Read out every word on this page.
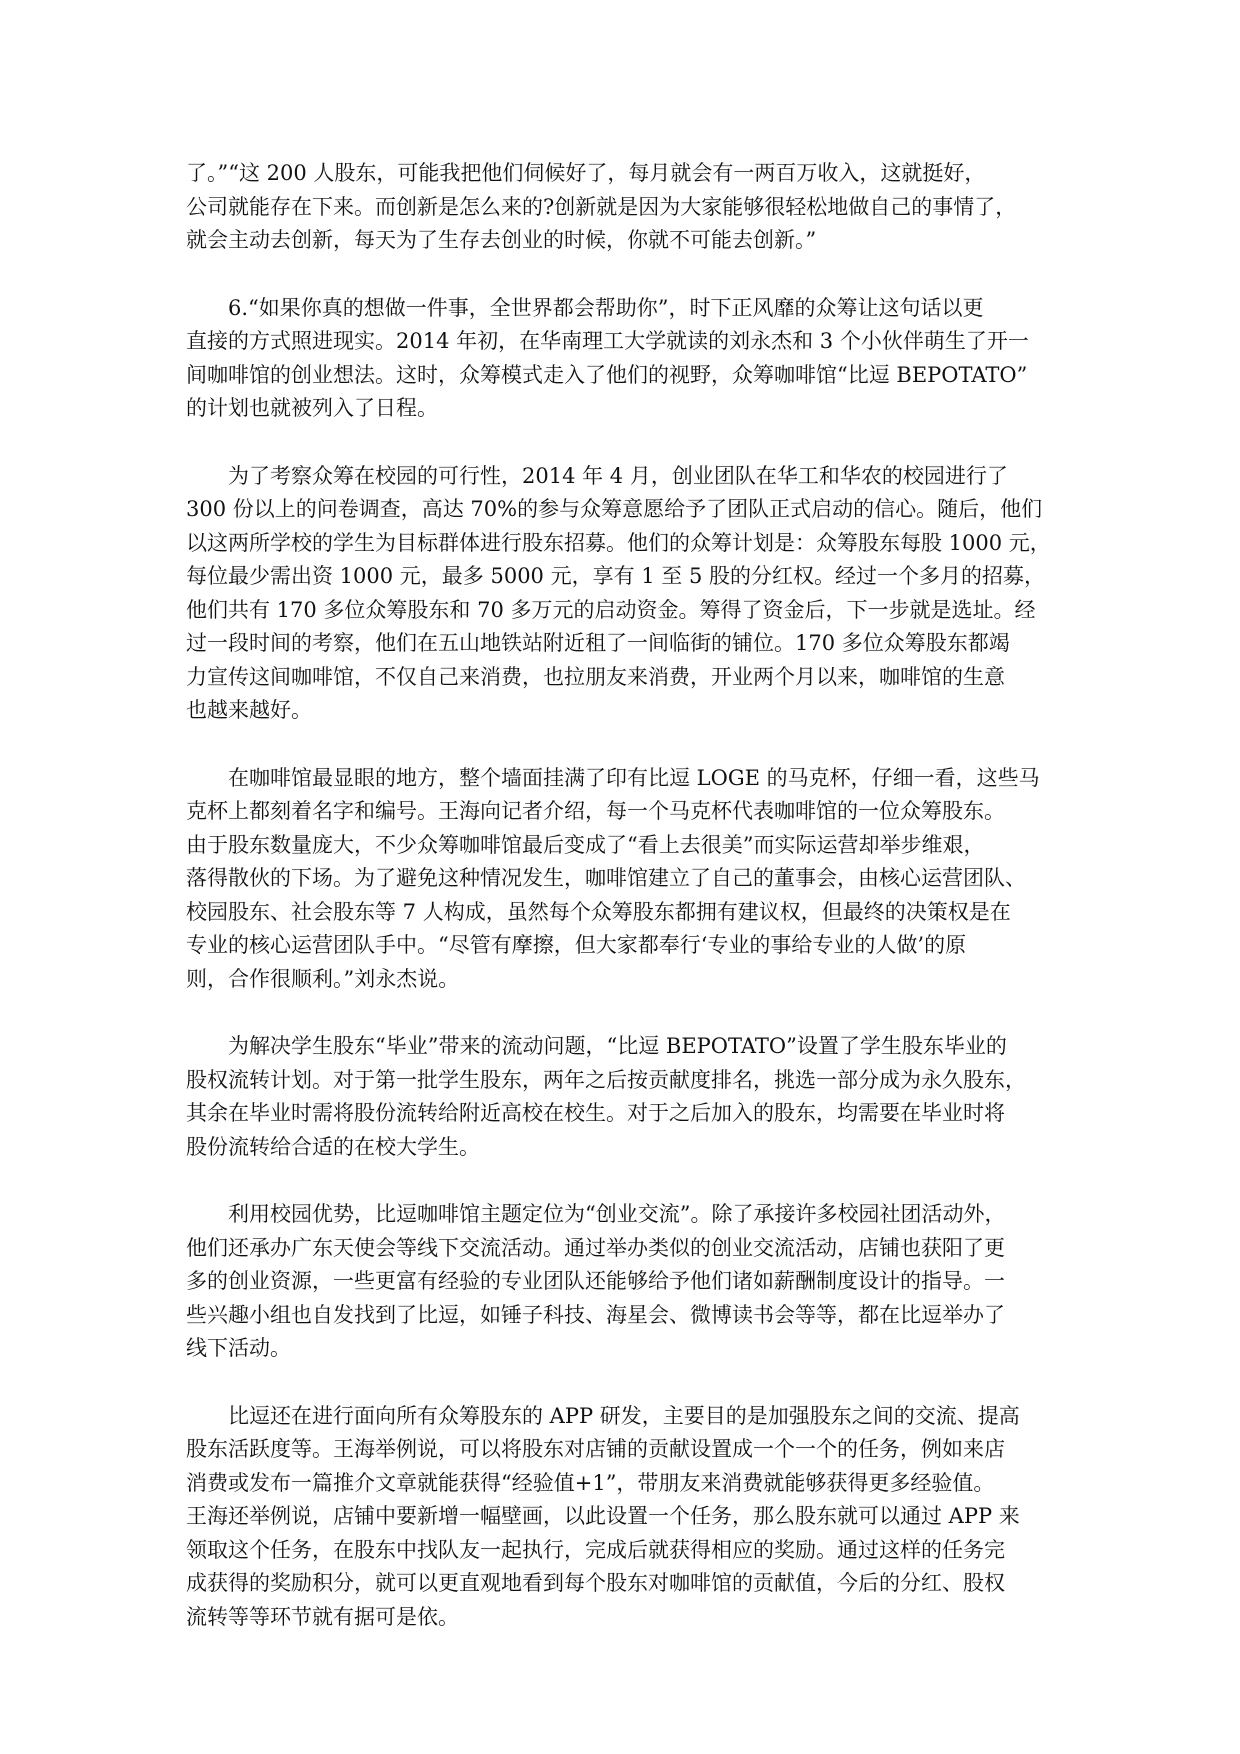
了。”“这 200 人股东，可能我把他们伺候好了，每月就会有一两百万收入，这就挺好，
公司就能存在下来。而创新是怎么来的?创新就是因为大家能够很轻松地做自己的事情了，
就会主动去创新，每天为了生存去创业的时候，你就不可能去创新。”

　　6.“如果你真的想做一件事，全世界都会帮助你”，时下正风靡的众筹让这句话以更
直接的方式照进现实。2014 年初，在华南理工大学就读的刘永杰和 3 个小伙伴萌生了开一
间咖啡馆的创业想法。这时，众筹模式走入了他们的视野，众筹咖啡馆“比逗 BEPOTATO”
的计划也就被列入了日程。

　　为了考察众筹在校园的可行性，2014 年 4 月，创业团队在华工和华农的校园进行了
300 份以上的问卷调查，高达 70%的参与众筹意愿给予了团队正式启动的信心。随后，他们
以这两所学校的学生为目标群体进行股东招募。他们的众筹计划是：众筹股东每股 1000 元，
每位最少需出资 1000 元，最多 5000 元，享有 1 至 5 股的分红权。经过一个多月的招募，
他们共有 170 多位众筹股东和 70 多万元的启动资金。筹得了资金后，下一步就是选址。经
过一段时间的考察，他们在五山地铁站附近租了一间临街的铺位。170 多位众筹股东都竭
力宣传这间咖啡馆，不仅自己来消费，也拉朋友来消费，开业两个月以来，咖啡馆的生意
也越来越好。

　　在咖啡馆最显眼的地方，整个墙面挂满了印有比逗 LOGE 的马克杯，仔细一看，这些马
克杯上都刻着名字和编号。王海向记者介绍，每一个马克杯代表咖啡馆的一位众筹股东。
由于股东数量庞大，不少众筹咖啡馆最后变成了“看上去很美”而实际运营却举步维艰，
落得散伙的下场。为了避免这种情况发生，咖啡馆建立了自己的董事会，由核心运营团队、
校园股东、社会股东等 7 人构成，虽然每个众筹股东都拥有建议权，但最终的决策权是在
专业的核心运营团队手中。“尽管有摩擦，但大家都奉行‘专业的事给专业的人做’的原
则，合作很顺利。”刘永杰说。

　　为解决学生股东“毕业”带来的流动问题，“比逗 BEPOTATO”设置了学生股东毕业的
股权流转计划。对于第一批学生股东，两年之后按贡献度排名，挑选一部分成为永久股东，
其余在毕业时需将股份流转给附近高校在校生。对于之后加入的股东，均需要在毕业时将
股份流转给合适的在校大学生。

　　利用校园优势，比逗咖啡馆主题定位为“创业交流”。除了承接许多校园社团活动外，
他们还承办广东天使会等线下交流活动。通过举办类似的创业交流活动，店铺也获阳了更
多的创业资源，一些更富有经验的专业团队还能够给予他们诸如薪酬制度设计的指导。一
些兴趣小组也自发找到了比逗，如锤子科技、海星会、微博读书会等等，都在比逗举办了
线下活动。

　　比逗还在进行面向所有众筹股东的 APP 研发，主要目的是加强股东之间的交流、提高
股东活跃度等。王海举例说，可以将股东对店铺的贡献设置成一个一个的任务，例如来店
消费或发布一篇推介文章就能获得“经验值+1”，带朋友来消费就能够获得更多经验值。
王海还举例说，店铺中要新增一幅壁画，以此设置一个任务，那么股东就可以通过 APP 来
领取这个任务，在股东中找队友一起执行，完成后就获得相应的奖励。通过这样的任务完
成获得的奖励积分，就可以更直观地看到每个股东对咖啡馆的贡献值，今后的分红、股权
流转等等环节就有据可是依。
